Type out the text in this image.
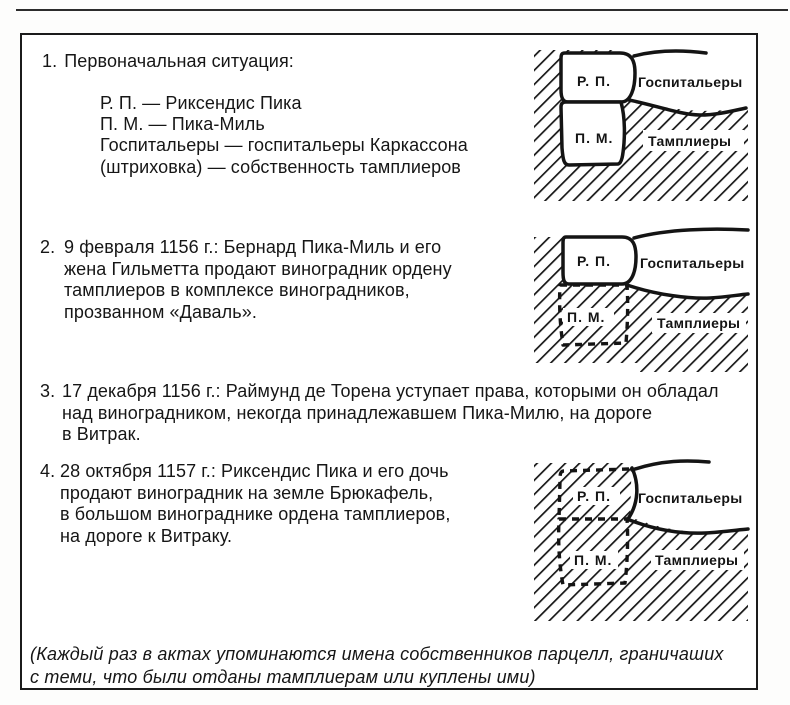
1. Первоначальная ситуация:
Р. П. — Риксендис Пика
П. М. — Пика-Миль
Госпитальеры — госпитальеры Каркассона
(штриховка) — собственность тамплиеров
Р. П.
П. М.
Госпитальеры
Тамплиеры
2. 9 февраля 1156 г.: Бернард Пика-Миль и его
жена Гильметта продают виноградник ордену
тамплиеров в комплексе виноградников,
прозванном «Даваль».
Р. П.
П. М.
Госпитальеры
Тамплиеры
3. 17 декабря 1156 г.: Раймунд де Торена уступает права, которыми он обладал
над виноградником, некогда принадлежавшем Пика-Милю, на дороге
в Витрак.
4. 28 октября 1157 г.: Риксендис Пика и его дочь
продают виноградник на земле Брюкафель,
в большом винограднике ордена тамплиеров,
на дороге к Витраку.
Р. П.
П. М.
Госпитальеры
Тамплиеры
(Каждый раз в актах упоминаются имена собственников парцелл, граничаших
с теми, что были отданы тамплиерам или куплены ими)
